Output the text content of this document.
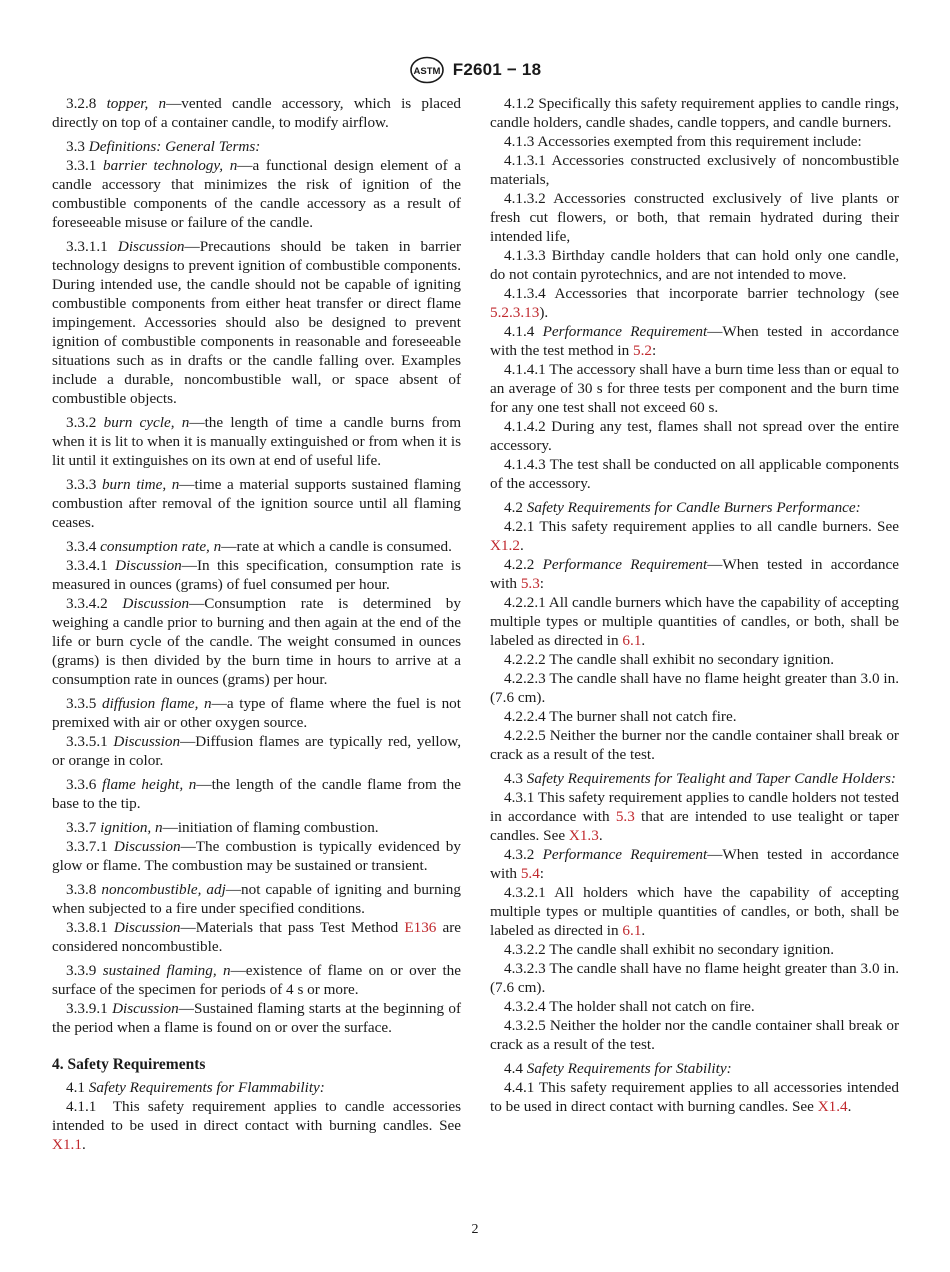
ASTM F2601 − 18

3.2.8 topper, n—vented candle accessory, which is placed directly on top of a container candle, to modify airflow.

3.3 Definitions: General Terms:

3.3.1 barrier technology, n—a functional design element of a candle accessory that minimizes the risk of ignition of the combustible components of the candle accessory as a result of foreseeable misuse or failure of the candle.

3.3.1.1 Discussion—Precautions should be taken in barrier technology designs to prevent ignition of combustible components. During intended use, the candle should not be capable of igniting combustible components from either heat transfer or direct flame impingement. Accessories should also be designed to prevent ignition of combustible components in reasonable and foreseeable situations such as in drafts or the candle falling over. Examples include a durable, noncombustible wall, or space absent of combustible objects.

3.3.2 burn cycle, n—the length of time a candle burns from when it is lit to when it is manually extinguished or from when it is lit until it extinguishes on its own at end of useful life.

3.3.3 burn time, n—time a material supports sustained flaming combustion after removal of the ignition source until all flaming ceases.

3.3.4 consumption rate, n—rate at which a candle is consumed.

3.3.4.1 Discussion—In this specification, consumption rate is measured in ounces (grams) of fuel consumed per hour.

3.3.4.2 Discussion—Consumption rate is determined by weighing a candle prior to burning and then again at the end of the life or burn cycle of the candle. The weight consumed in ounces (grams) is then divided by the burn time in hours to arrive at a consumption rate in ounces (grams) per hour.

3.3.5 diffusion flame, n—a type of flame where the fuel is not premixed with air or other oxygen source.

3.3.5.1 Discussion—Diffusion flames are typically red, yellow, or orange in color.

3.3.6 flame height, n—the length of the candle flame from the base to the tip.

3.3.7 ignition, n—initiation of flaming combustion.

3.3.7.1 Discussion—The combustion is typically evidenced by glow or flame. The combustion may be sustained or transient.

3.3.8 noncombustible, adj—not capable of igniting and burning when subjected to a fire under specified conditions.

3.3.8.1 Discussion—Materials that pass Test Method E136 are considered noncombustible.

3.3.9 sustained flaming, n—existence of flame on or over the surface of the specimen for periods of 4 s or more.

3.3.9.1 Discussion—Sustained flaming starts at the beginning of the period when a flame is found on or over the surface.

4. Safety Requirements

4.1 Safety Requirements for Flammability:

4.1.1 This safety requirement applies to candle accessories intended to be used in direct contact with burning candles. See X1.1.

4.1.2 Specifically this safety requirement applies to candle rings, candle holders, candle shades, candle toppers, and candle burners.

4.1.3 Accessories exempted from this requirement include:

4.1.3.1 Accessories constructed exclusively of noncombustible materials,

4.1.3.2 Accessories constructed exclusively of live plants or fresh cut flowers, or both, that remain hydrated during their intended life,

4.1.3.3 Birthday candle holders that can hold only one candle, do not contain pyrotechnics, and are not intended to move.

4.1.3.4 Accessories that incorporate barrier technology (see 5.2.3.13).

4.1.4 Performance Requirement—When tested in accordance with the test method in 5.2:

4.1.4.1 The accessory shall have a burn time less than or equal to an average of 30 s for three tests per component and the burn time for any one test shall not exceed 60 s.

4.1.4.2 During any test, flames shall not spread over the entire accessory.

4.1.4.3 The test shall be conducted on all applicable components of the accessory.

4.2 Safety Requirements for Candle Burners Performance:

4.2.1 This safety requirement applies to all candle burners. See X1.2.

4.2.2 Performance Requirement—When tested in accordance with 5.3:

4.2.2.1 All candle burners which have the capability of accepting multiple types or multiple quantities of candles, or both, shall be labeled as directed in 6.1.

4.2.2.2 The candle shall exhibit no secondary ignition.

4.2.2.3 The candle shall have no flame height greater than 3.0 in. (7.6 cm).

4.2.2.4 The burner shall not catch fire.

4.2.2.5 Neither the burner nor the candle container shall break or crack as a result of the test.

4.3 Safety Requirements for Tealight and Taper Candle Holders:

4.3.1 This safety requirement applies to candle holders not tested in accordance with 5.3 that are intended to use tealight or taper candles. See X1.3.

4.3.2 Performance Requirement—When tested in accordance with 5.4:

4.3.2.1 All holders which have the capability of accepting multiple types or multiple quantities of candles, or both, shall be labeled as directed in 6.1.

4.3.2.2 The candle shall exhibit no secondary ignition.

4.3.2.3 The candle shall have no flame height greater than 3.0 in. (7.6 cm).

4.3.2.4 The holder shall not catch on fire.

4.3.2.5 Neither the holder nor the candle container shall break or crack as a result of the test.

4.4 Safety Requirements for Stability:

4.4.1 This safety requirement applies to all accessories intended to be used in direct contact with burning candles. See X1.4.

2
